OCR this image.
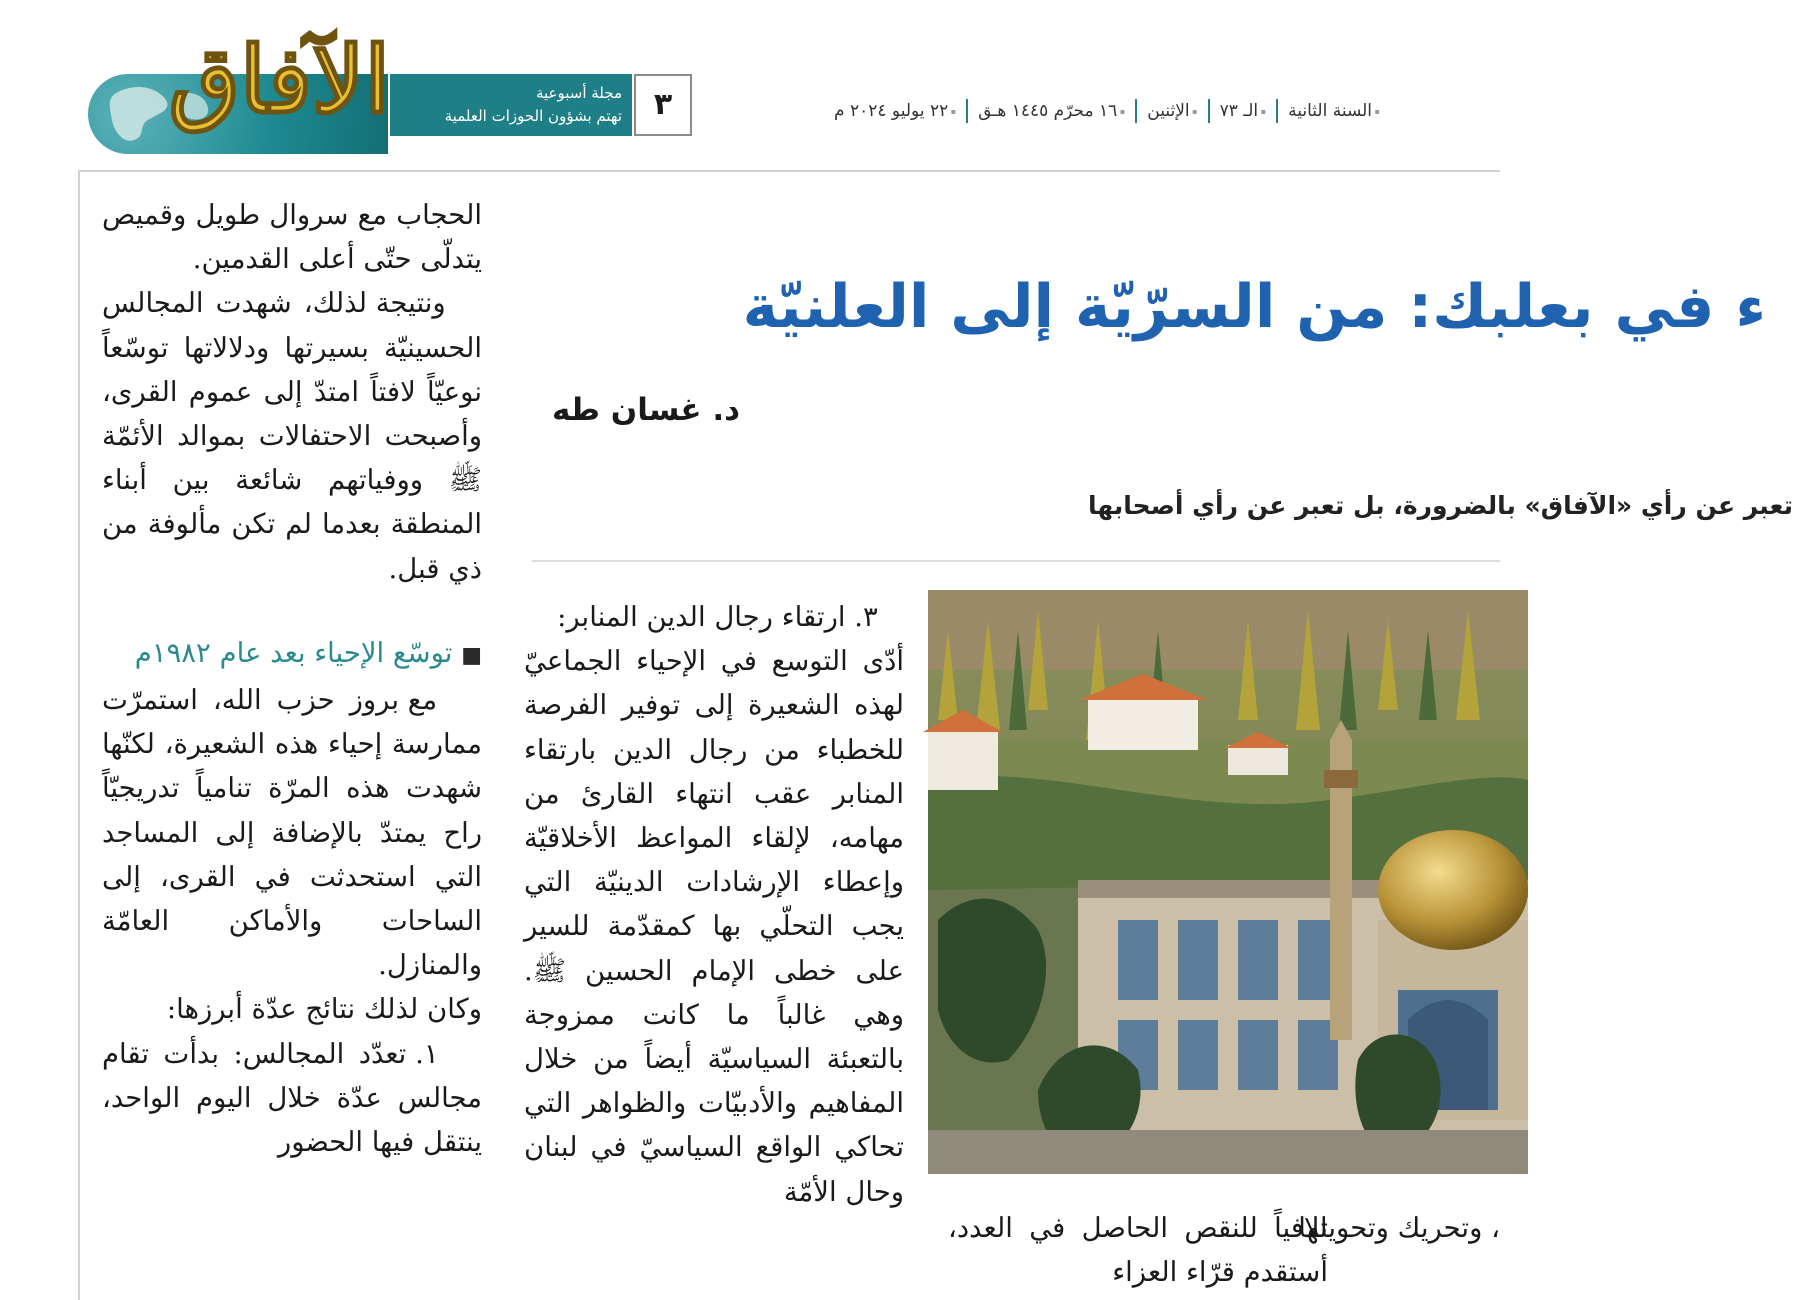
الآفاق	مجلة أسبوعية
تهتم بشؤون الحوزات العلمية	٣
▪	السنة الثانية
▪ الـ ٧٣
▪ الإثنين
▪ ١٦ محرّم ١٤٤٥ هـق
▪ ٢٢ يوليو ٢٠٢٤ م
ء في بعلبك: من السرّيّة إلى العلنيّة
د. غسان طه
تعبر عن رأي «الآفاق» بالضرورة، بل تعبر عن رأي أصحابها

الحجاب مع سروال طويل وقميص يتدلّى حتّى أعلى القدمين.

ونتيجة لذلك، شهدت المجالس الحسينيّة بسيرتها ودلالاتها توسّعاً نوعيّاً لافتاً امتدّ إلى عموم القرى، وأصبحت الاحتفالات بموالد الأئمّة ﷺ ووفياتهم شائعة بين أبناء المنطقة بعدما لم تكن مألوفة من ذي قبل.

■ توسّع الإحياء بعد عام ١٩٨٢م

مع بروز حزب الله، استمرّت ممارسة إحياء هذه الشعيرة، لكنّها شهدت هذه المرّة تنامياً تدريجيّاً راح يمتدّ بالإضافة إلى المساجد التي استحدثت في القرى، إلى الساحات والأماكن العامّة والمنازل.

وكان لذلك نتائج عدّة أبرزها:

١. تعدّد المجالس: بدأت تقام مجالس عدّة خلال اليوم الواحد، ينتقل فيها الحضور

٣. ارتقاء رجال الدين المنابر:

أدّى التوسع في الإحياء الجماعيّ لهذه الشعيرة إلى توفير الفرصة للخطباء من رجال الدين بارتقاء المنابر عقب انتهاء القارئ من مهامه، لإلقاء المواعظ الأخلاقيّة وإعطاء الإرشادات الدينيّة التي يجب التحلّي بها كمقدّمة للسير على خطى الإمام الحسين ﷺ. وهي غالباً ما كانت ممزوجة بالتعبئة السياسيّة أيضاً من خلال المفاهيم والأدبيّات والظواهر التي تحاكي الواقع السياسيّ في لبنان وحال الأمّة

تلافياً للنقص الحاصل في العدد، أستقدم قرّاء العزاء
، وتحريك وتحويلها
